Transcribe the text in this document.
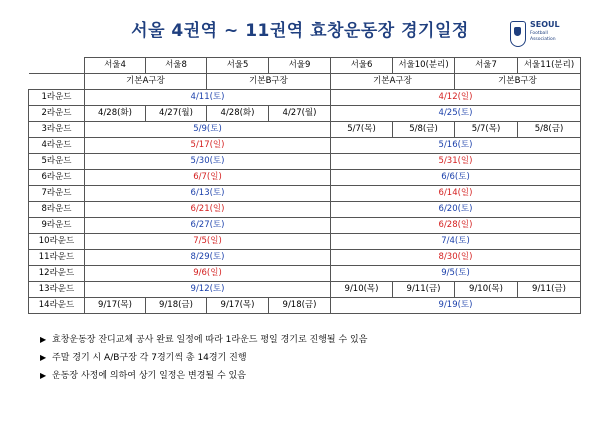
서울 4권역 ~ 11권역 효창운동장 경기일정	SEOUL
Football
Association
	서울4	서울8	서울5	서울9	서울6	서울10(분리)	서울7	서울11(분리)
	기본A구장		기본B구장		기본A구장		기본B구장	
1라운드	4/11(토)				4/12(일)			
2라운드	4/28(화)	4/27(월)	4/28(화)	4/27(월)	4/25(토)			
3라운드	5/9(토)				5/7(목)	5/8(금)	5/7(목)	5/8(금)
4라운드	5/17(일)				5/16(토)			
5라운드	5/30(토)				5/31(일)			
6라운드	6/7(일)				6/6(토)			
7라운드	6/13(토)				6/14(일)			
8라운드	6/21(일)				6/20(토)			
9라운드	6/27(토)				6/28(일)			
10라운드	7/5(일)				7/4(토)			
11라운드	8/29(토)				8/30(일)			
12라운드	9/6(일)				9/5(토)			
13라운드	9/12(토)				9/10(목)	9/11(금)	9/10(목)	9/11(금)
14라운드	9/17(목)	9/18(금)	9/17(목)	9/18(금)	9/19(토)			
▶ 효창운동장 잔디교체 공사 완료 일정에 따라 1라운드 평일 경기로 진행될 수 있음
▶ 주말 경기 시 A/B구장 각 7경기씩 총 14경기 진행
▶ 운동장 사정에 의하여 상기 일정은 변경될 수 있음
